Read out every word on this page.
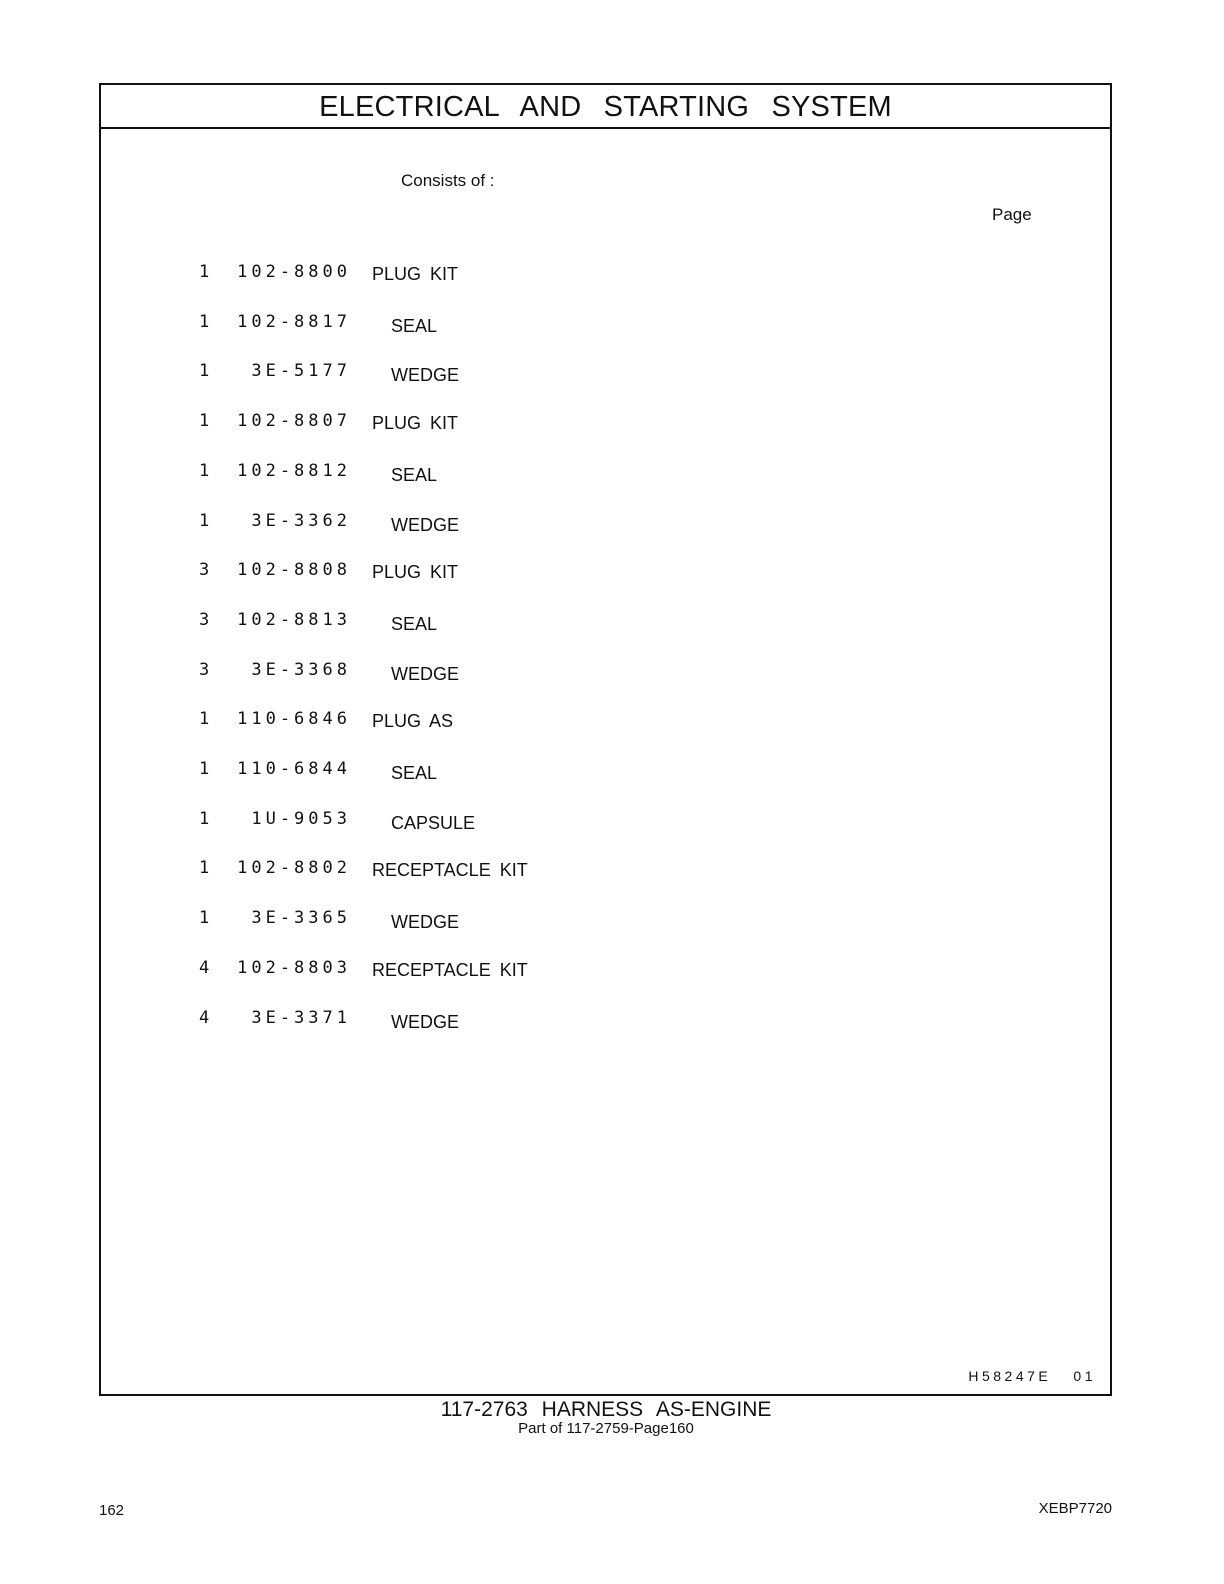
ELECTRICAL AND STARTING SYSTEM
Consists of :
Page
1 102-8800 PLUG KIT
1 102-8817 SEAL
1 3E-5177 WEDGE
1 102-8807 PLUG KIT
1 102-8812 SEAL
1 3E-3362 WEDGE
3 102-8808 PLUG KIT
3 102-8813 SEAL
3 3E-3368 WEDGE
1 110-6846 PLUG AS
1 110-6844 SEAL
1 1U-9053 CAPSULE
1 102-8802 RECEPTACLE KIT
1 3E-3365 WEDGE
4 102-8803 RECEPTACLE KIT
4 3E-3371 WEDGE
H58247E   01
117-2763 HARNESS AS-ENGINE
Part of 117-2759-Page160
162	XEBP7720
